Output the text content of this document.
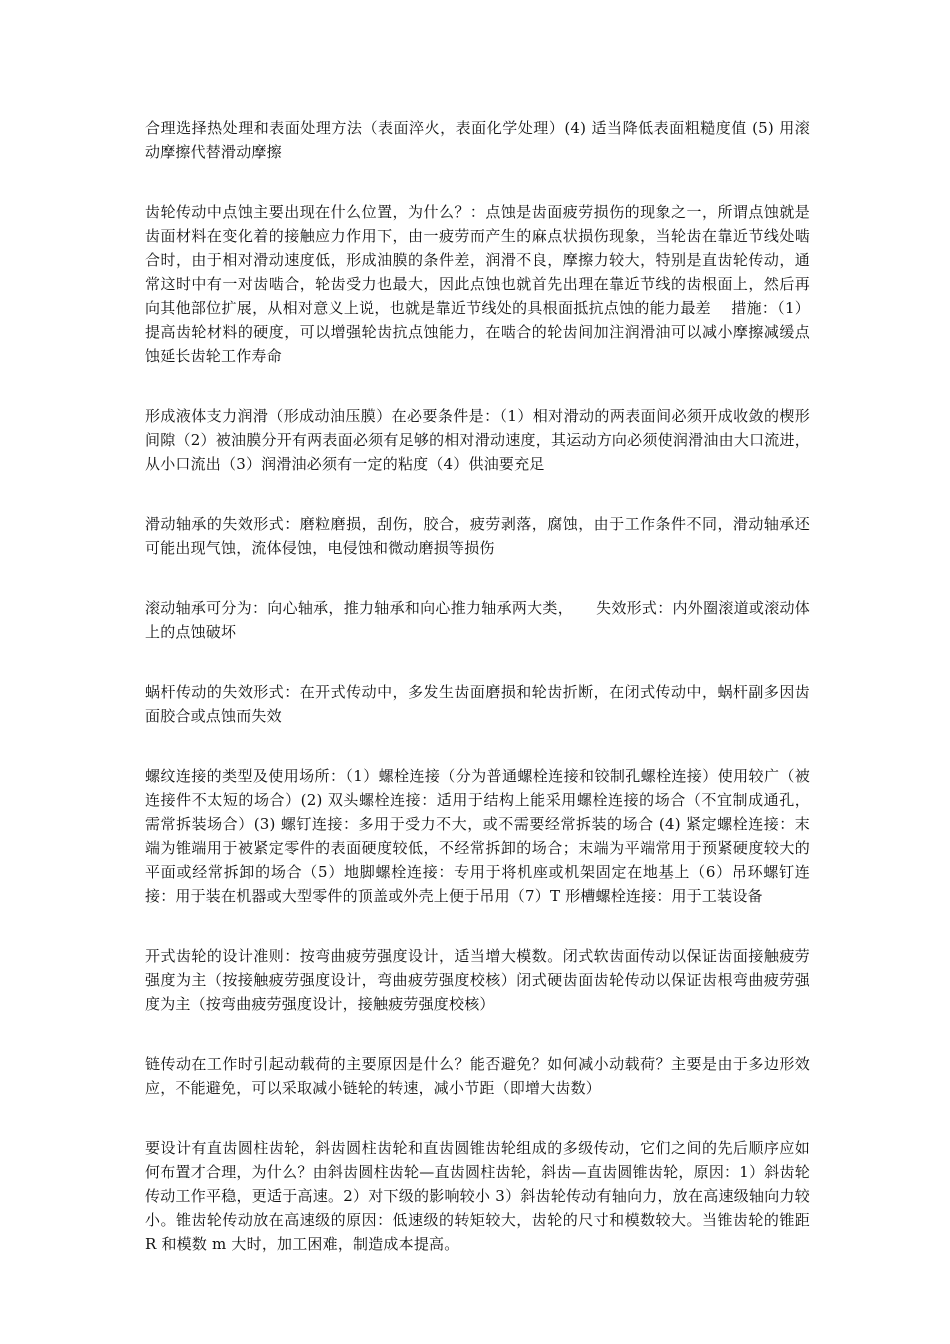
合理选择热处理和表面处理方法（表面淬火，表面化学处理）(4) 适当降低表面粗糙度值 (5) 用滚动摩擦代替滑动摩擦

齿轮传动中点蚀主要出现在什么位置，为什么？：点蚀是齿面疲劳损伤的现象之一，所谓点蚀就是齿面材料在变化着的接触应力作用下，由一疲劳而产生的麻点状损伤现象，当轮齿在靠近节线处啮合时，由于相对滑动速度低，形成油膜的条件差，润滑不良，摩擦力较大，特别是直齿轮传动，通常这时中有一对齿啮合，轮齿受力也最大，因此点蚀也就首先出理在靠近节线的齿根面上，然后再向其他部位扩展，从相对意义上说，也就是靠近节线处的具根面抵抗点蚀的能力最差　 措施：（1）提高齿轮材料的硬度，可以增强轮齿抗点蚀能力，在啮合的轮齿间加注润滑油可以减小摩擦减缓点蚀延长齿轮工作寿命

形成液体支力润滑（形成动油压膜）在必要条件是：（1）相对滑动的两表面间必须开成收敛的楔形间隙（2）被油膜分开有两表面必须有足够的相对滑动速度，其运动方向必须使润滑油由大口流进，从小口流出（3）润滑油必须有一定的粘度（4）供油要充足

滑动轴承的失效形式：磨粒磨损，刮伤，胶合，疲劳剥落，腐蚀，由于工作条件不同，滑动轴承还可能出现气蚀，流体侵蚀，电侵蚀和微动磨损等损伤

滚动轴承可分为：向心轴承，推力轴承和向心推力轴承两大类，　　失效形式：内外圈滚道或滚动体上的点蚀破坏

蜗杆传动的失效形式：在开式传动中，多发生齿面磨损和轮齿折断，在闭式传动中，蜗杆副多因齿面胶合或点蚀而失效

螺纹连接的类型及使用场所：（1）螺栓连接（分为普通螺栓连接和铰制孔螺栓连接）使用较广（被连接件不太短的场合）(2) 双头螺栓连接：适用于结构上能采用螺栓连接的场合（不宜制成通孔，需常拆装场合）(3) 螺钉连接：多用于受力不大，或不需要经常拆装的场合 (4) 紧定螺栓连接：末端为锥端用于被紧定零件的表面硬度较低，不经常拆卸的场合；末端为平端常用于预紧硬度较大的平面或经常拆卸的场合（5）地脚螺栓连接：专用于将机座或机架固定在地基上（6）吊环螺钉连接：用于装在机器或大型零件的顶盖或外壳上便于吊用（7）T 形槽螺栓连接：用于工装设备

开式齿轮的设计准则：按弯曲疲劳强度设计，适当增大模数。闭式软齿面传动以保证齿面接触疲劳强度为主（按接触疲劳强度设计，弯曲疲劳强度校核）闭式硬齿面齿轮传动以保证齿根弯曲疲劳强度为主（按弯曲疲劳强度设计，接触疲劳强度校核）

链传动在工作时引起动载荷的主要原因是什么？能否避免？如何减小动载荷？主要是由于多边形效应，不能避免，可以采取减小链轮的转速，减小节距（即增大齿数）

要设计有直齿圆柱齿轮，斜齿圆柱齿轮和直齿圆锥齿轮组成的多级传动，它们之间的先后顺序应如何布置才合理，为什么？由斜齿圆柱齿轮—直齿圆柱齿轮，斜齿—直齿圆锥齿轮，原因：1）斜齿轮传动工作平稳，更适于高速。2）对下级的影响较小 3）斜齿轮传动有轴向力，放在高速级轴向力较小。锥齿轮传动放在高速级的原因：低速级的转矩较大，齿轮的尺寸和模数较大。当锥齿轮的锥距 R 和模数 m 大时，加工困难，制造成本提高。
